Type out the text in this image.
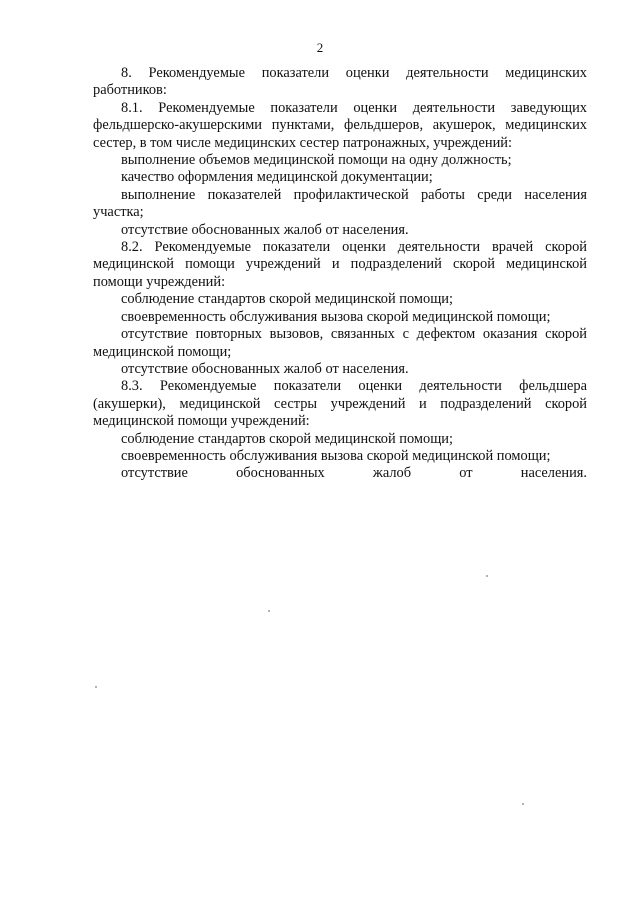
2

8. Рекомендуемые показатели оценки деятельности медицинских работников:

8.1. Рекомендуемые показатели оценки деятельности заведующих фельдшерско-акушерскими пунктами, фельдшеров, акушерок, медицинских сестер, в том числе медицинских сестер патронажных, учреждений:

выполнение объемов медицинской помощи на одну должность;

качество оформления медицинской документации;

выполнение показателей профилактической работы среди населения участка;

отсутствие обоснованных жалоб от населения.

8.2. Рекомендуемые показатели оценки деятельности врачей скорой медицинской помощи учреждений и подразделений скорой медицинской помощи учреждений:

соблюдение стандартов скорой медицинской помощи;

своевременность обслуживания вызова скорой медицинской помощи;

отсутствие повторных вызовов, связанных с дефектом оказания скорой медицинской помощи;

отсутствие обоснованных жалоб от населения.

8.3. Рекомендуемые показатели оценки деятельности фельдшера (акушерки), медицинской сестры учреждений и подразделений скорой медицинской помощи учреждений:

соблюдение стандартов скорой медицинской помощи;

своевременность обслуживания вызова скорой медицинской помощи;

отсутствие обоснованных жалоб от населения.
